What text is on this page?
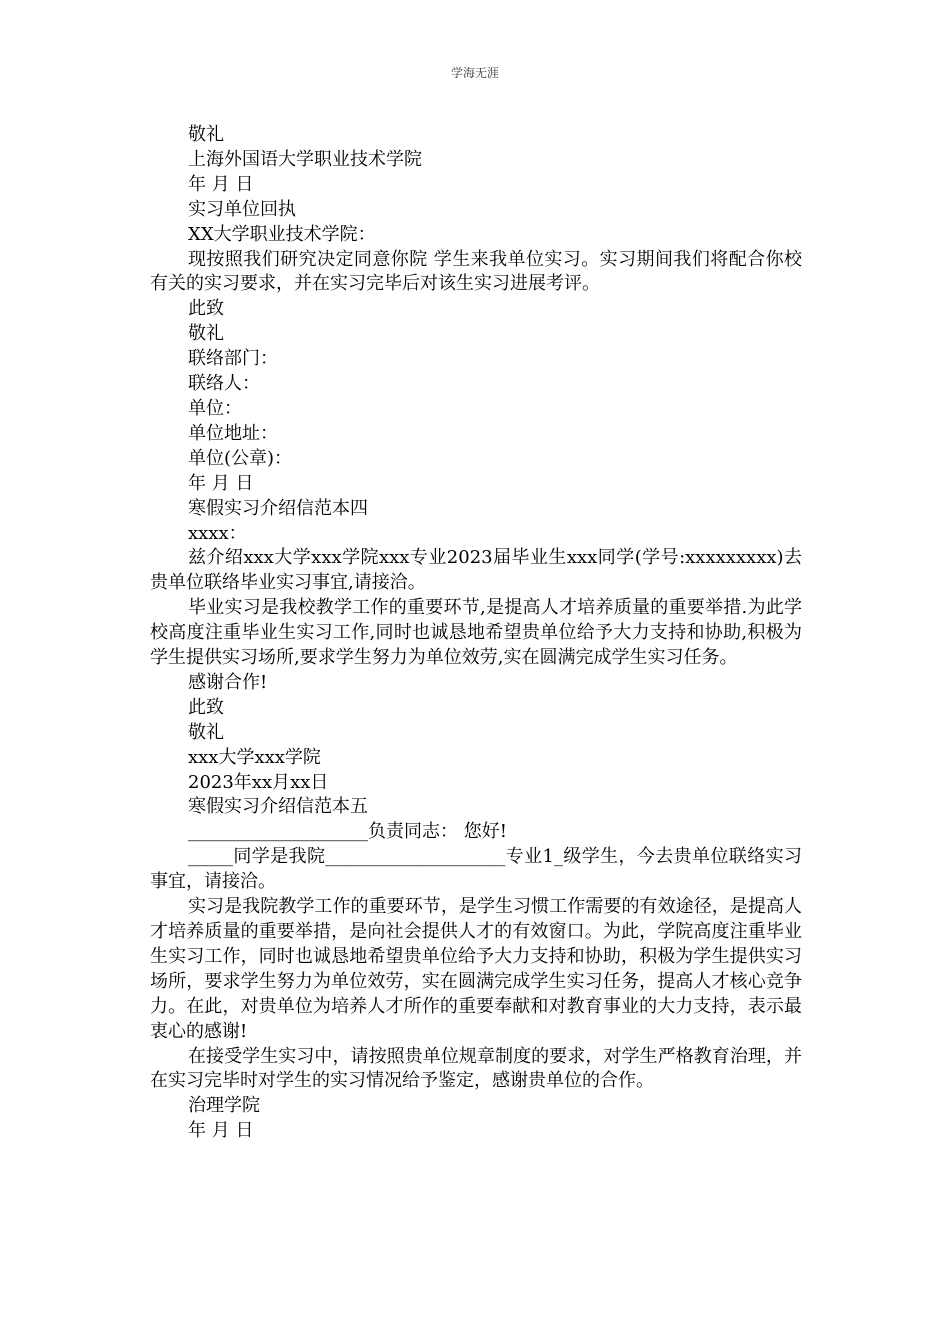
学海无涯

敬礼

上海外国语大学职业技术学院

年 月 日

实习单位回执

XX大学职业技术学院：

现按照我们研究决定同意你院 学生来我单位实习。实习期间我们将配合你校有关的实习要求，并在实习完毕后对该生实习进展考评。

此致

敬礼

联络部门：

联络人：

单位：

单位地址：

单位(公章)：

年 月 日

寒假实习介绍信范本四

xxxx：

兹介绍xxx大学xxx学院xxx专业2023届毕业生xxx同学(学号:xxxxxxxxx)去贵单位联络毕业实习事宜,请接洽。

毕业实习是我校教学工作的重要环节,是提高人才培养质量的重要举措.为此学校高度注重毕业生实习工作,同时也诚恳地希望贵单位给予大力支持和协助,积极为学生提供实习场所,要求学生努力为单位效劳,实在圆满完成学生实习任务。

感谢合作!

此致

敬礼

xxx大学xxx学院

2023年xx月xx日

寒假实习介绍信范本五

____________________负责同志： 您好!

_____同学是我院____________________专业1_级学生，今去贵单位联络实习事宜，请接洽。

实习是我院教学工作的重要环节，是学生习惯工作需要的有效途径，是提高人才培养质量的重要举措，是向社会提供人才的有效窗口。为此，学院高度注重毕业生实习工作，同时也诚恳地希望贵单位给予大力支持和协助，积极为学生提供实习场所，要求学生努力为单位效劳，实在圆满完成学生实习任务，提高人才核心竞争力。在此，对贵单位为培养人才所作的重要奉献和对教育事业的大力支持，表示最衷心的感谢!

在接受学生实习中，请按照贵单位规章制度的要求，对学生严格教育治理，并在实习完毕时对学生的实习情况给予鉴定，感谢贵单位的合作。

治理学院

年 月 日
